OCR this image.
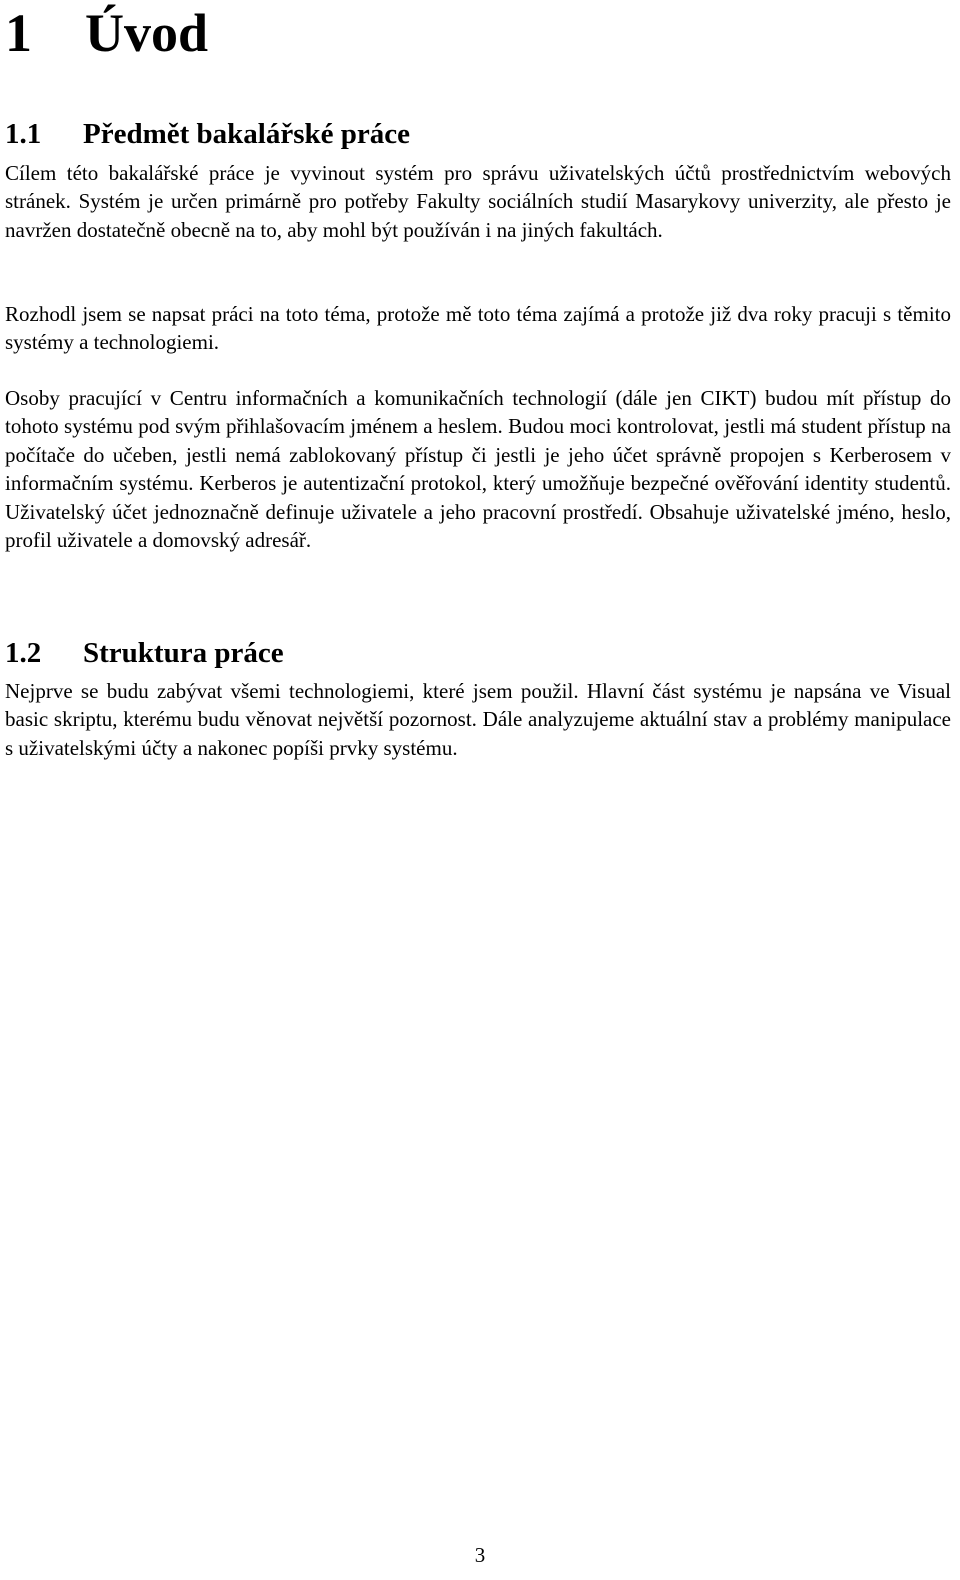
1 Úvod
1.1 Předmět bakalářské práce
Cílem této bakalářské práce je vyvinout systém pro správu uživatelských účtů prostřednictvím webových stránek. Systém je určen primárně pro potřeby Fakulty sociálních studií Masarykovy univerzity, ale přesto je navržen dostatečně obecně na to, aby mohl být používán i na jiných fakultách.
Rozhodl jsem se napsat práci na toto téma, protože mě toto téma zajímá a protože již dva roky pracuji s těmito systémy a technologiemi.
Osoby pracující v Centru informačních a komunikačních technologií (dále jen CIKT) budou mít přístup do tohoto systému pod svým přihlašovacím jménem a heslem. Budou moci kontrolovat, jestli má student přístup na počítače do učeben, jestli nemá zablokovaný přístup či jestli je jeho účet správně propojen s Kerberosem v informačním systému. Kerberos je autentizační protokol, který umožňuje bezpečné ověřování identity studentů. Uživatelský účet jednoznačně definuje uživatele a jeho pracovní prostředí. Obsahuje uživatelské jméno, heslo, profil uživatele a domovský adresář.
1.2 Struktura práce
Nejprve se budu zabývat všemi technologiemi, které jsem použil. Hlavní část systému je napsána ve Visual basic skriptu, kterému budu věnovat největší pozornost. Dále analyzujeme aktuální stav a problémy manipulace s uživatelskými účty a nakonec popíši prvky systému.
3
